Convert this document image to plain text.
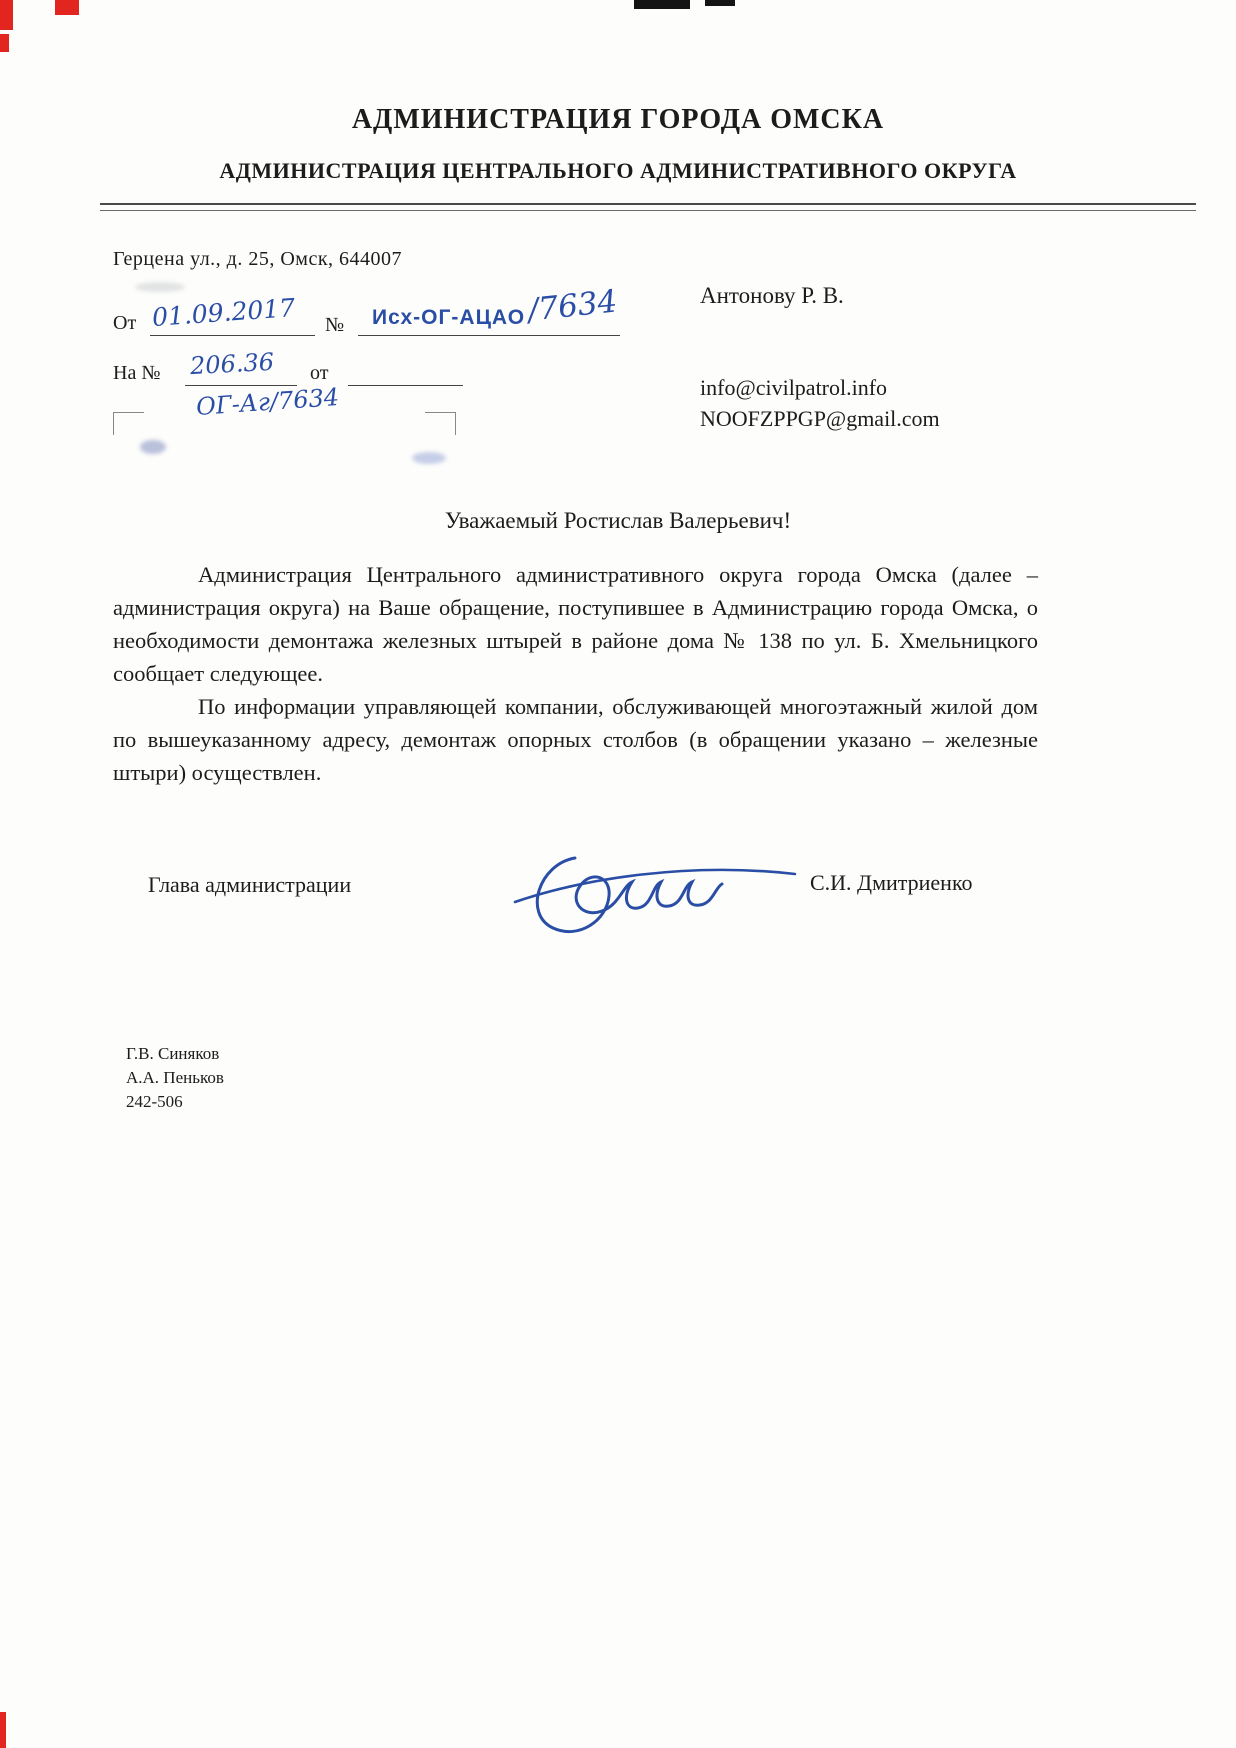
АДМИНИСТРАЦИЯ ГОРОДА ОМСКА
АДМИНИСТРАЦИЯ ЦЕНТРАЛЬНОГО АДМИНИСТРАТИВНОГО ОКРУГА
Герцена ул., д. 25, Омск, 644007
От 01.09.2017 № Исх-ОГ-АЦАО /7634
На № 206.36 от
ОГ-Аг/7634
Антонову Р. В.
info@civilpatrol.info
NOOFZPPGP@gmail.com
Уважаемый Ростислав Валерьевич!

Администрация Центрального административного округа города Омска (далее – администрация округа) на Ваше обращение, поступившее в Администрацию города Омска, о необходимости демонтажа железных штырей в районе дома № 138 по ул. Б. Хмельницкого сообщает следующее.

По информации управляющей компании, обслуживающей многоэтажный жилой дом по вышеуказанному адресу, демонтаж опорных столбов (в обращении указано – железные штыри) осуществлен.

Глава администрации	С.И. Дмитриенко
Г.В. Синяков
А.А. Пеньков
242-506
